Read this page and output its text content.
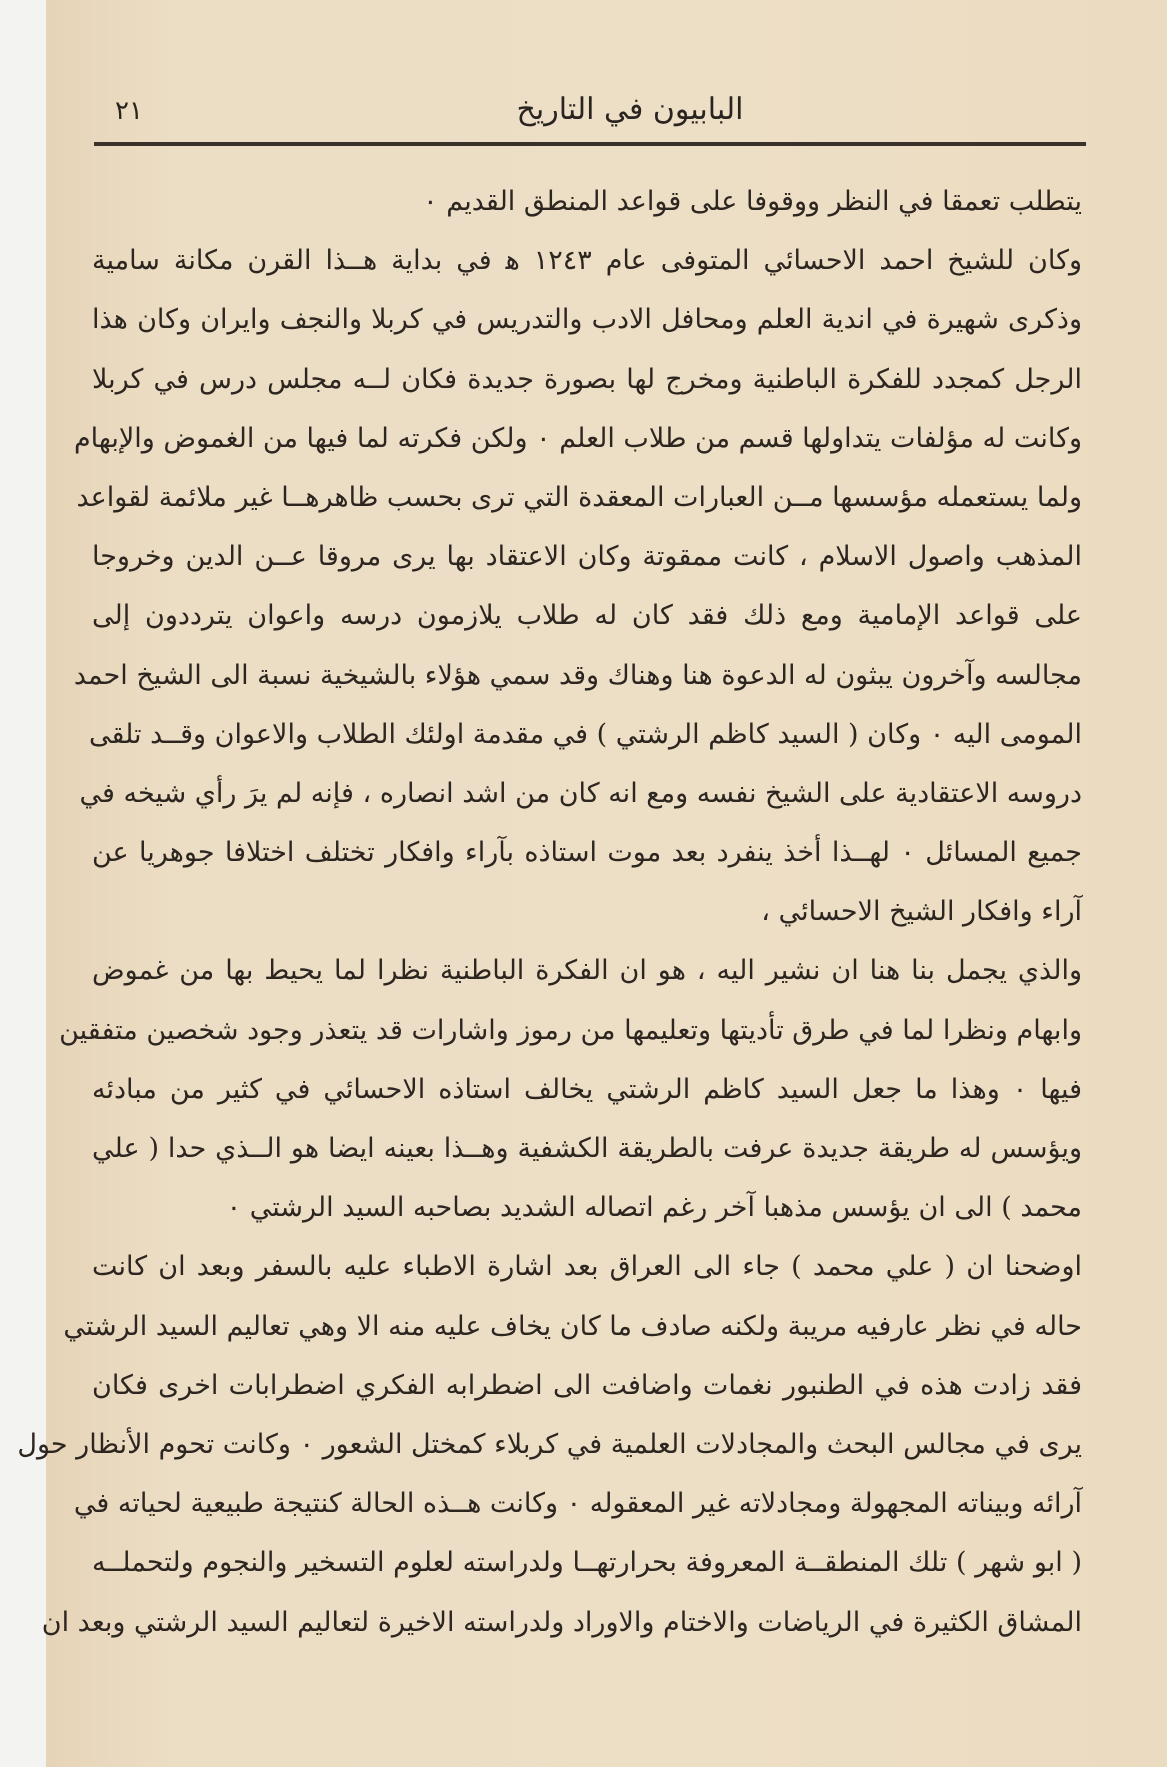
٢١	البابيون في التاريخ
يتطلب تعمقا في النظر ووقوفا على قواعد المنطق القديم ٠
وكان للشيخ احمد الاحسائي المتوفى عام ١٢٤٣ ﻫ في بداية هــذا القرن مكانة سامية
وذكرى شهيرة في اندية العلم ومحافل الادب والتدريس في كربلا والنجف وايران وكان هذا
الرجل كمجدد للفكرة الباطنية ومخرج لها بصورة جديدة فكان لــه مجلس درس في كربلا
وكانت له مؤلفات يتداولها قسم من طلاب العلم ٠ ولكن فكرته لما فيها من الغموض والإبهام
ولما يستعمله مؤسسها مــن العبارات المعقدة التي ترى بحسب ظاهرهــا غير ملائمة لقواعد
المذهب واصول الاسلام ، كانت ممقوتة وكان الاعتقاد بها يرى مروقا عــن الدين وخروجا
على قواعد الإمامية ومع ذلك فقد كان له طلاب يلازمون درسه واعوان يترددون إلى
مجالسه وآخرون يبثون له الدعوة هنا وهناك وقد سمي هؤلاء بالشيخية نسبة الى الشيخ احمد
المومى اليه ٠ وكان ( السيد كاظم الرشتي ) في مقدمة اولئك الطلاب والاعوان وقــد تلقى
دروسه الاعتقادية على الشيخ نفسه ومع انه كان من اشد انصاره ، فإنه لم يرَ رأي شيخه في
جميع المسائل ٠ لهــذا أخذ ينفرد بعد موت استاذه بآراء وافكار تختلف اختلافا جوهريا عن
آراء وافكار الشيخ الاحسائي ،
والذي يجمل بنا هنا ان نشير اليه ، هو ان الفكرة الباطنية نظرا لما يحيط بها من غموض
وابهام ونظرا لما في طرق تأديتها وتعليمها من رموز واشارات قد يتعذر وجود شخصين متفقين
فيها ٠ وهذا ما جعل السيد كاظم الرشتي يخالف استاذه الاحسائي في كثير من مبادئه
ويؤسس له طريقة جديدة عرفت بالطريقة الكشفية وهــذا بعينه ايضا هو الــذي حدا ( علي
محمد ) الى ان يؤسس مذهبا آخر رغم اتصاله الشديد بصاحبه السيد الرشتي ٠
اوضحنا ان ( علي محمد ) جاء الى العراق بعد اشارة الاطباء عليه بالسفر وبعد ان كانت
حاله في نظر عارفيه مريبة ولكنه صادف ما كان يخاف عليه منه الا وهي تعاليم السيد الرشتي
فقد زادت هذه في الطنبور نغمات واضافت الى اضطرابه الفكري اضطرابات اخرى فكان
يرى في مجالس البحث والمجادلات العلمية في كربلاء كمختل الشعور ٠ وكانت تحوم الأنظار حول
آرائه وبيناته المجهولة ومجادلاته غير المعقوله ٠ وكانت هــذه الحالة كنتيجة طبيعية لحياته في
( ابو شهر ) تلك المنطقــة المعروفة بحرارتهــا ولدراسته لعلوم التسخير والنجوم ولتحملــه
المشاق الكثيرة في الرياضات والاختام والاوراد ولدراسته الاخيرة لتعاليم السيد الرشتي وبعد ان
